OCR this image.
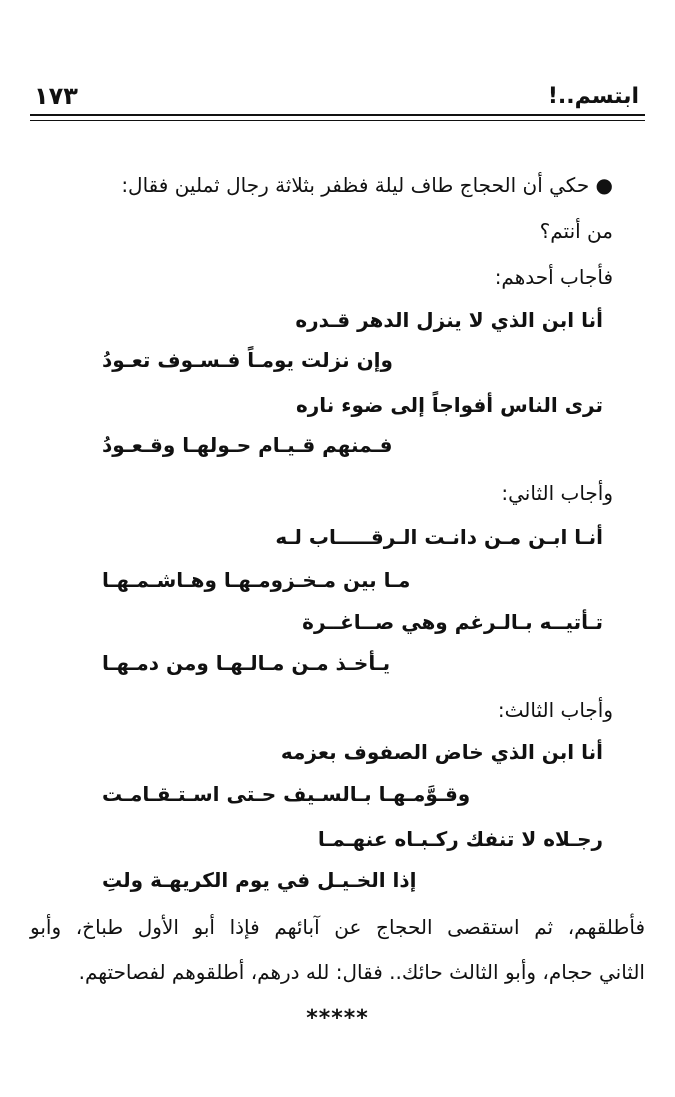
ابتسم..!
١٧٣
● حكي أن الحجاج طاف ليلة فظفر بثلاثة رجال ثملين فقال:
من أنتم؟
فأجاب أحدهم:
أنا ابن الذي لا ينزل الدهر قـدره
وإن نزلت يومـاً فـسـوف تعـودُ
ترى الناس أفواجاً إلى ضوء ناره
فـمنهم قـيـام حـولهـا وقـعـودُ
وأجاب الثاني:
أنـا ابـن مـن دانـت الـرقـــــاب لـه
مـا بين مـخـزومـهـا وهـاشـمـهـا
تـأتيــه بـالـرغم وهي صــاغــرة
يـأخـذ مـن مـالـهـا ومن دمـهـا
وأجاب الثالث:
أنا ابن الذي خاض الصفوف بعزمه
وقـوَّمـهـا بـالسـيف حـتى اسـتـقـامـت
رجـلاه لا تنفك ركـبـاه عنهـمـا
إذا الخـيـل في يوم الكريهـة ولتِ
فأطلقهم، ثم استقصى الحجاج عن آبائهم فإذا أبو الأول طباخ، وأبو
الثاني حجام، وأبو الثالث حائك.. فقال: لله درهم، أطلقوهم لفصاحتهم.
*****
